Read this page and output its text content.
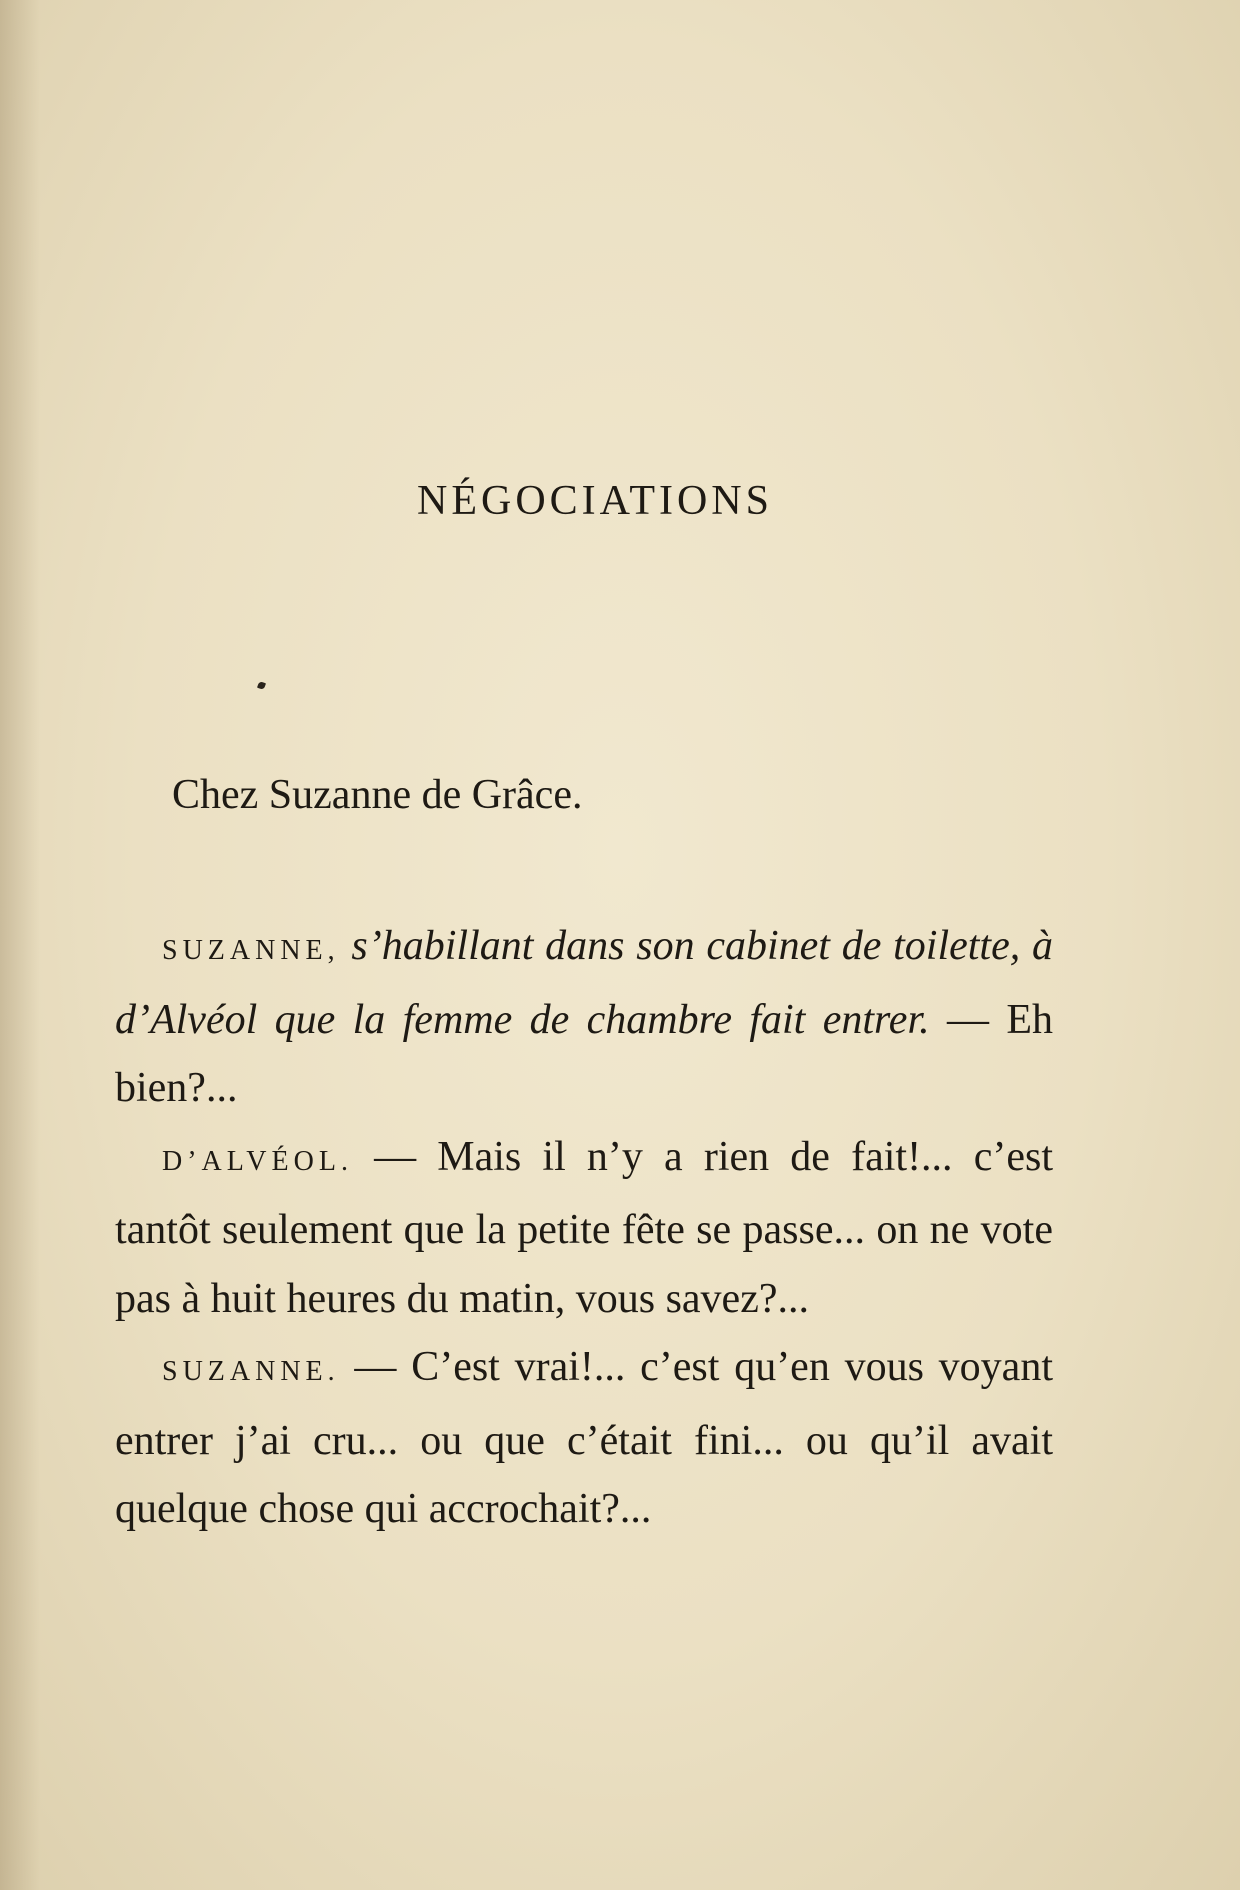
NÉGOCIATIONS
Chez Suzanne de Grâce.

SUZANNE, s’habillant dans son cabinet de toilette, à d’Alvéol que la femme de chambre fait entrer. — Eh bien?...

D’ALVÉOL. — Mais il n’y a rien de fait!... c’est tantôt seulement que la petite fête se passe... on ne vote pas à huit heures du matin, vous savez?...

SUZANNE. — C’est vrai!... c’est qu’en vous voyant entrer j’ai cru... ou que c’était fini... ou qu’il avait quelque chose qui accrochait?...
